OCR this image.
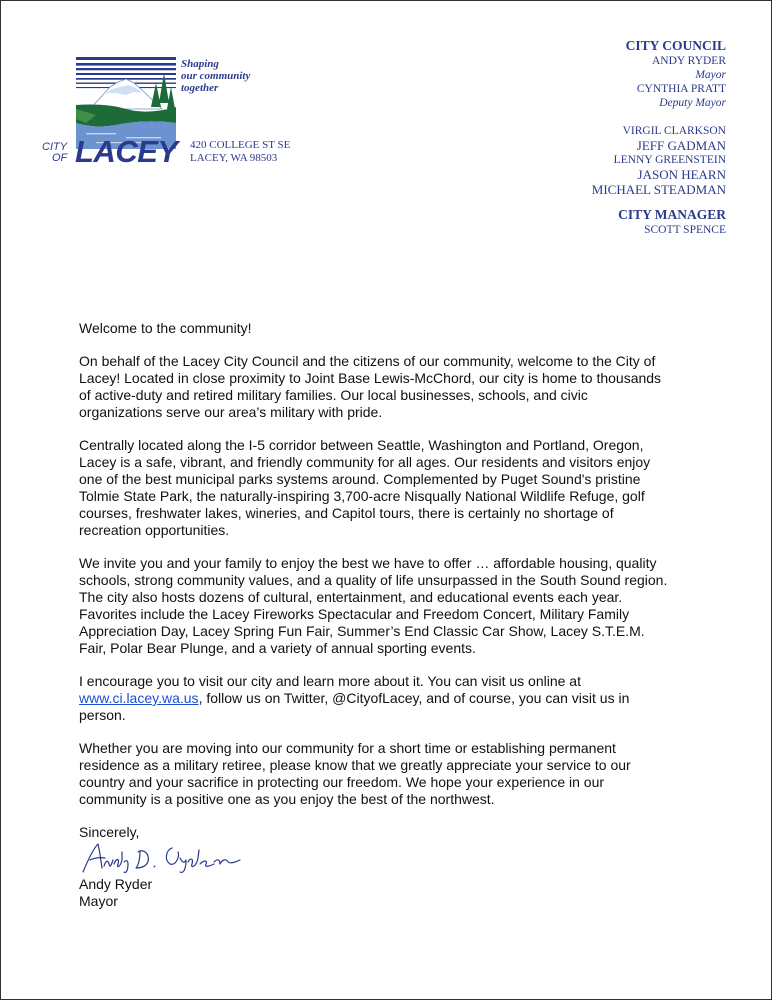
Shaping
our community
together
CITY
OF LACEY 420 COLLEGE ST SE
LACEY, WA 98503
CITY COUNCIL
ANDY RYDER
Mayor
CYNTHIA PRATT
Deputy Mayor
VIRGIL CLARKSON
JEFF GADMAN
LENNY GREENSTEIN
JASON HEARN
MICHAEL STEADMAN
CITY MANAGER
SCOTT SPENCE

Welcome to the community!

On behalf of the Lacey City Council and the citizens of our community, welcome to the City of
Lacey! Located in close proximity to Joint Base Lewis-McChord, our city is home to thousands
of active-duty and retired military families. Our local businesses, schools, and civic
organizations serve our area’s military with pride.

Centrally located along the I-5 corridor between Seattle, Washington and Portland, Oregon,
Lacey is a safe, vibrant, and friendly community for all ages. Our residents and visitors enjoy
one of the best municipal parks systems around. Complemented by Puget Sound's pristine
Tolmie State Park, the naturally-inspiring 3,700-acre Nisqually National Wildlife Refuge, golf
courses, freshwater lakes, wineries, and Capitol tours, there is certainly no shortage of
recreation opportunities.

We invite you and your family to enjoy the best we have to offer … affordable housing, quality
schools, strong community values, and a quality of life unsurpassed in the South Sound region.
The city also hosts dozens of cultural, entertainment, and educational events each year.
Favorites include the Lacey Fireworks Spectacular and Freedom Concert, Military Family
Appreciation Day, Lacey Spring Fun Fair, Summer’s End Classic Car Show, Lacey S.T.E.M.
Fair, Polar Bear Plunge, and a variety of annual sporting events.

I encourage you to visit our city and learn more about it. You can visit us online at
www.ci.lacey.wa.us, follow us on Twitter, @CityofLacey, and of course, you can visit us in
person.

Whether you are moving into our community for a short time or establishing permanent
residence as a military retiree, please know that we greatly appreciate your service to our
country and your sacrifice in protecting our freedom. We hope your experience in our
community is a positive one as you enjoy the best of the northwest.

Sincerely,

Andy Ryder
Mayor
